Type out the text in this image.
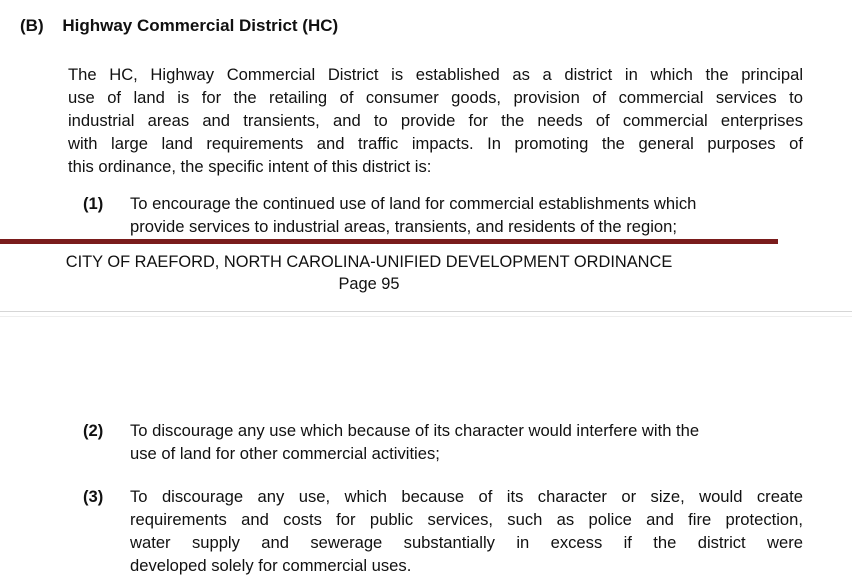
(B) Highway Commercial District (HC)
The HC, Highway Commercial District is established as a district in which the principal
use of land is for the retailing of consumer goods, provision of commercial services to
industrial areas and transients, and to provide for the needs of commercial enterprises
with large land requirements and traffic impacts. In promoting the general purposes of
this ordinance, the specific intent of this district is:
(1) To encourage the continued use of land for commercial establishments which
provide services to industrial areas, transients, and residents of the region;
CITY OF RAEFORD, NORTH CAROLINA-UNIFIED DEVELOPMENT ORDINANCE
Page 95
(2) To discourage any use which because of its character would interfere with the
use of land for other commercial activities;
(3) To discourage any use, which because of its character or size, would create
requirements and costs for public services, such as police and fire protection,
water supply and sewerage substantially in excess if the district were
developed solely for commercial uses.
